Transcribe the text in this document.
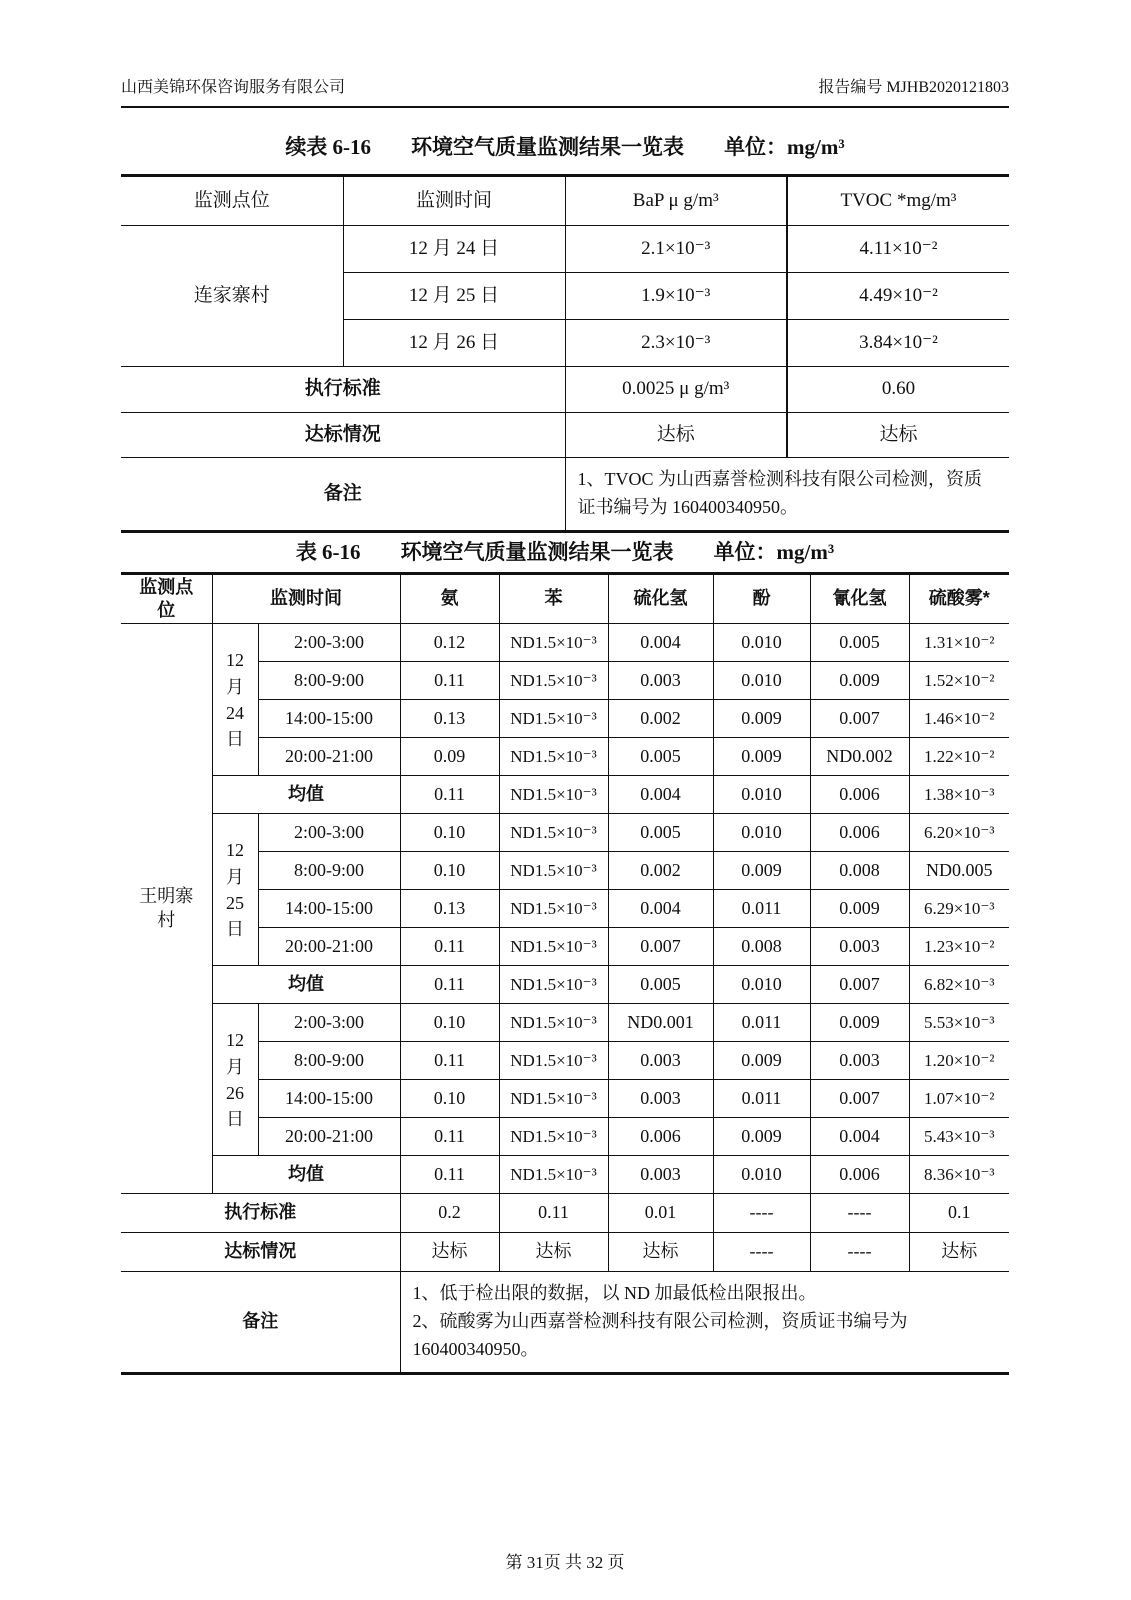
山西美锦环保咨询服务有限公司	报告编号 MJHB2020121803
续表 6-16 环境空气质量监测结果一览表 单位：mg/m³
监测点位	监测时间	BaP μ g/m³	TVOC *mg/m³
连家寨村	12 月 24 日	2.1×10⁻³	4.11×10⁻²
	12 月 25 日	1.9×10⁻³	4.49×10⁻²
	12 月 26 日	2.3×10⁻³	3.84×10⁻²
执行标准		0.0025 μ g/m³	0.60
达标情况		达标	达标
备注		1、TVOC 为山西嘉誉检测科技有限公司检测，资质证书编号为 160400340950。	
表 6-16 环境空气质量监测结果一览表 单位：mg/m³
监测点位	监测时间		氨	苯	硫化氢	酚	氰化氢	硫酸雾*

王明寨村	12
月
24
日	2:00-3:00	0.12	ND1.5×10⁻³	0.004	0.010	0.005	1.31×10⁻²
		8:00-9:00	0.11	ND1.5×10⁻³	0.003	0.010	0.009	1.52×10⁻²
		14:00-15:00	0.13	ND1.5×10⁻³	0.002	0.009	0.007	1.46×10⁻²
		20:00-21:00	0.09	ND1.5×10⁻³	0.005	0.009	ND0.002	1.22×10⁻²
	均值		0.11	ND1.5×10⁻³	0.004	0.010	0.006	1.38×10⁻³

	12
月
25
日	2:00-3:00	0.10	ND1.5×10⁻³	0.005	0.010	0.006	6.20×10⁻³
		8:00-9:00	0.10	ND1.5×10⁻³	0.002	0.009	0.008	ND0.005
		14:00-15:00	0.13	ND1.5×10⁻³	0.004	0.011	0.009	6.29×10⁻³
		20:00-21:00	0.11	ND1.5×10⁻³	0.007	0.008	0.003	1.23×10⁻²
	均值		0.11	ND1.5×10⁻³	0.005	0.010	0.007	6.82×10⁻³

	12
月
26
日	2:00-3:00	0.10	ND1.5×10⁻³	ND0.001	0.011	0.009	5.53×10⁻³
		8:00-9:00	0.11	ND1.5×10⁻³	0.003	0.009	0.003	1.20×10⁻²
		14:00-15:00	0.10	ND1.5×10⁻³	0.003	0.011	0.007	1.07×10⁻²
		20:00-21:00	0.11	ND1.5×10⁻³	0.006	0.009	0.004	5.43×10⁻³
	均值		0.11	ND1.5×10⁻³	0.003	0.010	0.006	8.36×10⁻³
执行标准			0.2	0.11	0.01	----	----	0.1
达标情况			达标	达标	达标	----	----	达标
备注			1、低于检出限的数据，以 ND 加最低检出限报出。
2、硫酸雾为山西嘉誉检测科技有限公司检测，资质证书编号为 160400340950。					
第 31页 共 32 页
